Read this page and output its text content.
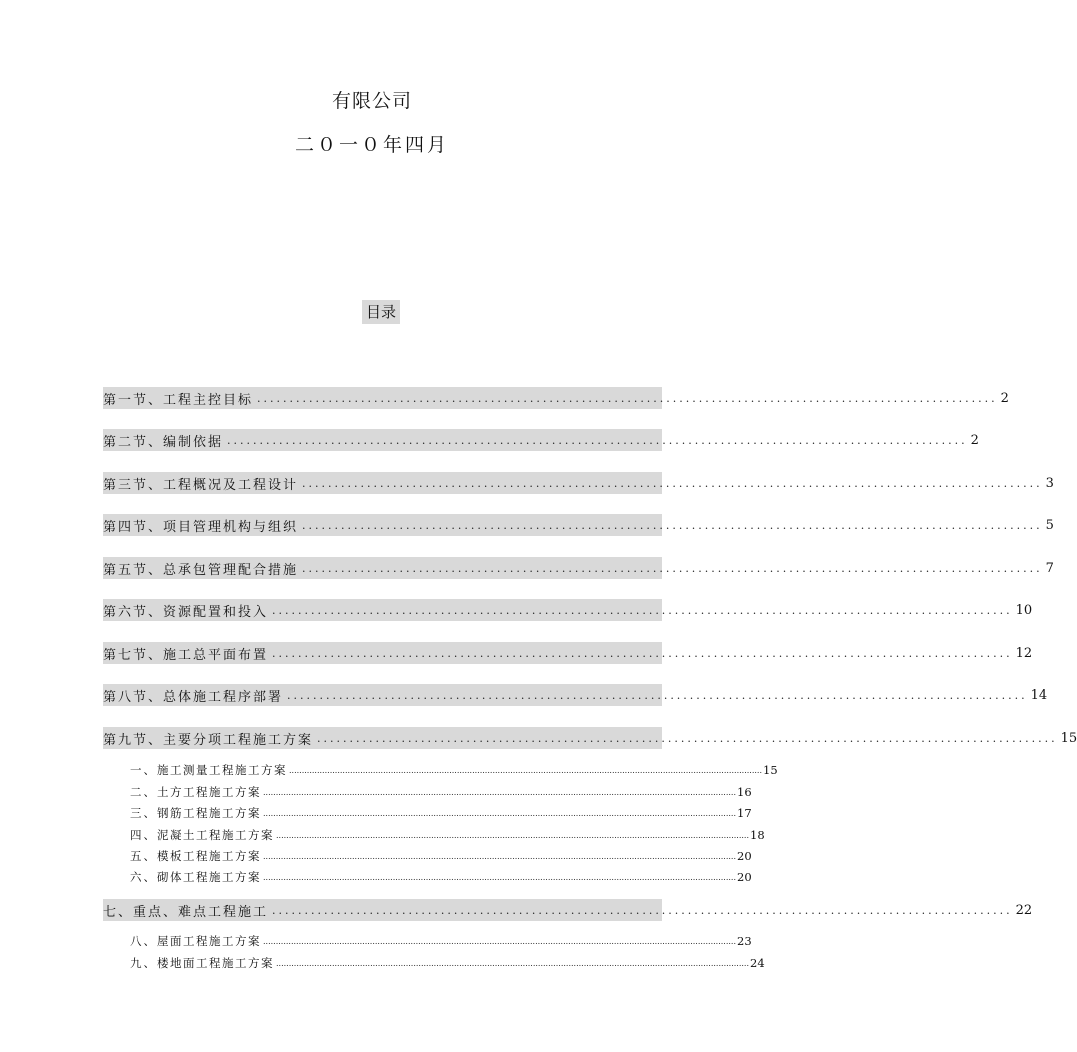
有限公司
二０一０年四月
目录
第一节、工程主控目标 .................................................................................................................. 2
第二节、编制依据 .................................................................................................................. 2
第三节、工程概况及工程设计 .................................................................................................................. 3
第四节、项目管理机构与组织 .................................................................................................................. 5
第五节、总承包管理配合措施 .................................................................................................................. 7
第六节、资源配置和投入 .................................................................................................................. 10
第七节、施工总平面布置 .................................................................................................................. 12
第八节、总体施工程序部署 .................................................................................................................. 14
第九节、主要分项工程施工方案 .................................................................................................................. 15
一、 施工测量工程施工方案 .......................................................................................................................................................................................... 15
二、 土方工程施工方案 .......................................................................................................................................................................................... 16
三、 钢筋工程施工方案 .......................................................................................................................................................................................... 17
四、 泥凝土工程施工方案 .......................................................................................................................................................................................... 18
五、 模板工程施工方案 .......................................................................................................................................................................................... 20
六、 砌体工程施工方案 .......................................................................................................................................................................................... 20
七、重点、难点工程施工 .................................................................................................................. 22
八、 屋面工程施工方案 .......................................................................................................................................................................................... 23
九、 楼地面工程施工方案 .......................................................................................................................................................................................... 24
